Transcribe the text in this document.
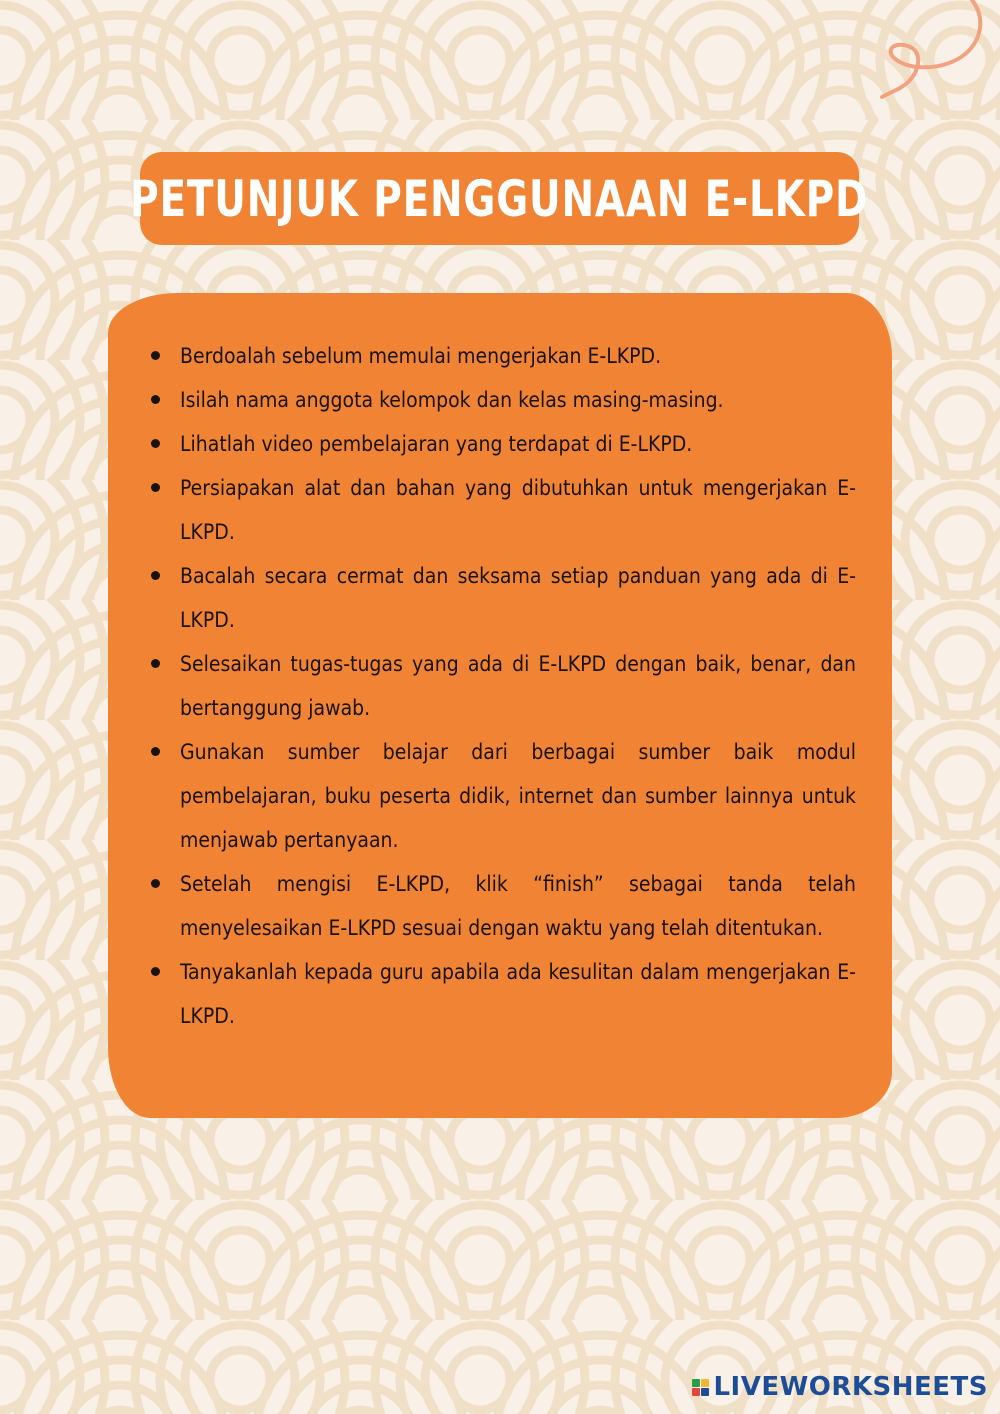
PETUNJUK PENGGUNAAN E-LKPD
Berdoalah sebelum memulai mengerjakan E-LKPD.
Isilah nama anggota kelompok dan kelas masing-masing.
Lihatlah video pembelajaran yang terdapat di E-LKPD.
Persiapakan alat dan bahan yang dibutuhkan untuk mengerjakan E-LKPD.
Bacalah secara cermat dan seksama setiap panduan yang ada di E-LKPD.
Selesaikan tugas-tugas yang ada di E-LKPD dengan baik, benar, dan bertanggung jawab.
Gunakan sumber belajar dari berbagai sumber baik modul pembelajaran, buku peserta didik, internet dan sumber lainnya untuk menjawab pertanyaan.
Setelah mengisi E-LKPD, klik “finish” sebagai tanda telah menyelesaikan E-LKPD sesuai dengan waktu yang telah ditentukan.
Tanyakanlah kepada guru apabila ada kesulitan dalam mengerjakan E-LKPD.
LIVEWORKSHEETS
